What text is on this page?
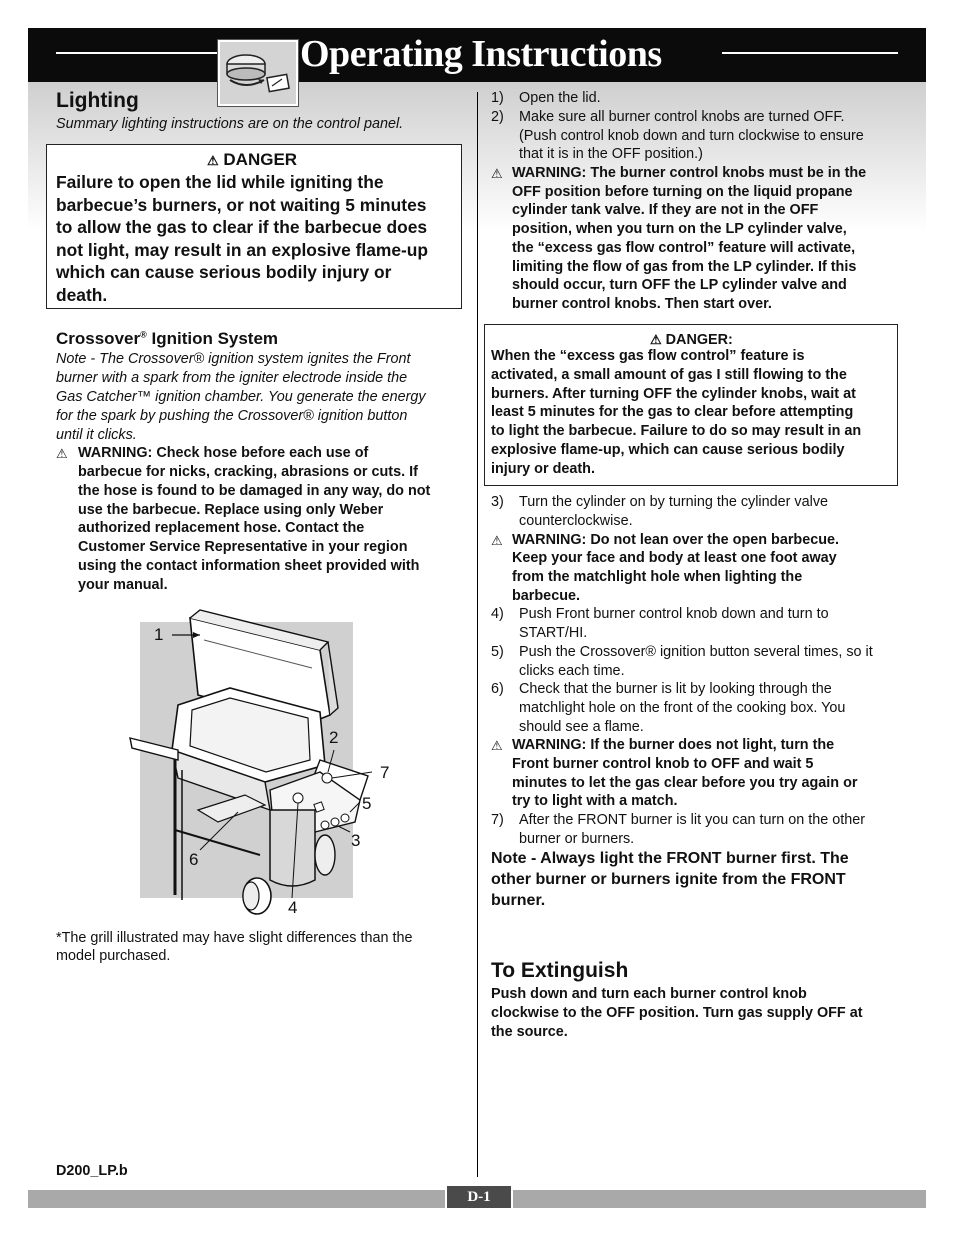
Operating Instructions
Lighting
Summary lighting instructions are on the control panel.
⚠ DANGER
Failure to open the lid while igniting the
barbecue’s burners, or not waiting 5 minutes
to allow the gas to clear if the barbecue does
not light, may result in an explosive flame-up
which can cause serious bodily injury or
death.
Crossover® Ignition System
Note - The Crossover® ignition system ignites the Front
burner with a spark from the igniter electrode inside the
Gas Catcher™ ignition chamber. You generate the energy
for the spark by pushing the Crossover® ignition button
until it clicks.
⚠ WARNING: Check hose before each use of
barbecue for nicks, cracking, abrasions or cuts. If
the hose is found to be damaged in any way, do not
use the barbecue. Replace using only Weber
authorized replacement hose. Contact the
Customer Service Representative in your region
using the contact information sheet provided with
your manual.
1
2
7
5
3
6
4
*The grill illustrated may have slight differences than the
model purchased.
D200_LP.b
1) Open the lid.
2) Make sure all burner control knobs are turned OFF.
(Push control knob down and turn clockwise to ensure
that it is in the OFF position.)
⚠ WARNING: The burner control knobs must be in the
OFF position before turning on the liquid propane
cylinder tank valve. If they are not in the OFF
position, when you turn on the LP cylinder valve,
the “excess gas flow control” feature will activate,
limiting the flow of gas from the LP cylinder. If this
should occur, turn OFF the LP cylinder valve and
burner control knobs. Then start over.
⚠ DANGER:
When the “excess gas flow control” feature is
activated, a small amount of gas I still flowing to the
burners. After turning OFF the cylinder knobs, wait at
least 5 minutes for the gas to clear before attempting
to light the barbecue. Failure to do so may result in an
explosive flame-up, which can cause serious bodily
injury or death.
3) Turn the cylinder on by turning the cylinder valve
counterclockwise.
⚠ WARNING: Do not lean over the open barbecue.
Keep your face and body at least one foot away
from the matchlight hole when lighting the
barbecue.
4) Push Front burner control knob down and turn to
START/HI.
5) Push the Crossover® ignition button several times, so it
clicks each time.
6) Check that the burner is lit by looking through the
matchlight hole on the front of the cooking box. You
should see a flame.
⚠ WARNING: If the burner does not light, turn the
Front burner control knob to OFF and wait 5
minutes to let the gas clear before you try again or
try to light with a match.
7) After the FRONT burner is lit you can turn on the other
burner or burners.
Note - Always light the FRONT burner first. The
other burner or burners ignite from the FRONT
burner.
To Extinguish
Push down and turn each burner control knob
clockwise to the OFF position. Turn gas supply OFF at
the source.
D-1
